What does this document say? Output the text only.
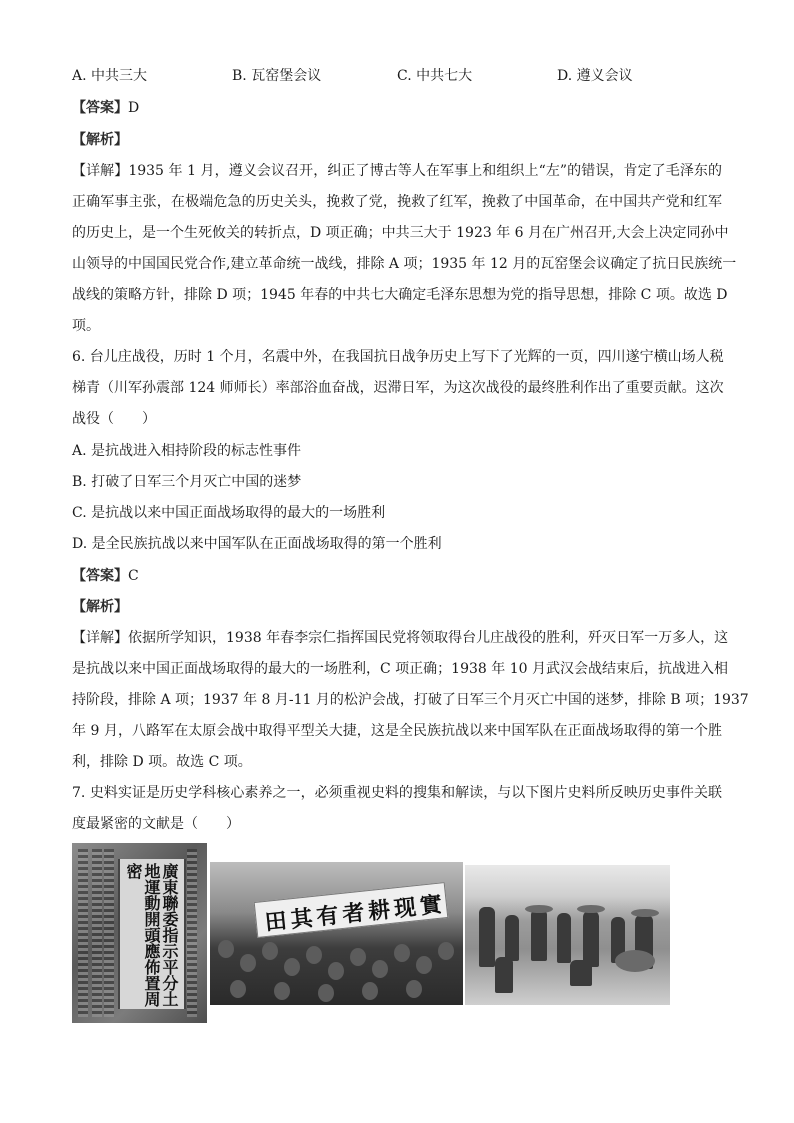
A. 中共三大	B. 瓦窑堡会议	C. 中共七大	D. 遵义会议
【答案】D
【解析】
【详解】1935 年 1 月，遵义会议召开，纠正了博古等人在军事上和组织上“左”的错误，肯定了毛泽东的
正确军事主张，在极端危急的历史关头，挽救了党，挽救了红军，挽救了中国革命，在中国共产党和红军
的历史上，是一个生死攸关的转折点，D 项正确；中共三大于 1923 年 6 月在广州召开,大会上决定同孙中
山领导的中国国民党合作,建立革命统一战线，排除 A 项；1935 年 12 月的瓦窑堡会议确定了抗日民族统一
战线的策略方针，排除 D 项；1945 年春的中共七大确定毛泽东思想为党的指导思想，排除 C 项。故选 D
项。
6. 台儿庄战役，历时 1 个月，名震中外，在我国抗日战争历史上写下了光辉的一页，四川遂宁横山场人税
梯青（川军孙震部 124 师师长）率部浴血奋战，迟滞日军，为这次战役的最终胜利作出了重要贡献。这次
战役（　　）
A. 是抗战进入相持阶段的标志性事件
B. 打破了日军三个月灭亡中国的迷梦
C. 是抗战以来中国正面战场取得的最大的一场胜利
D. 是全民族抗战以来中国军队在正面战场取得的第一个胜利
【答案】C
【解析】
【详解】依据所学知识，1938 年春李宗仁指挥国民党将领取得台儿庄战役的胜利，歼灭日军一万多人，这
是抗战以来中国正面战场取得的最大的一场胜利，C 项正确；1938 年 10 月武汉会战结束后，抗战进入相
持阶段，排除 A 项；1937 年 8 月-11 月的松沪会战，打破了日军三个月灭亡中国的迷梦，排除 B 项；1937
年 9 月，八路军在太原会战中取得平型关大捷，这是全民族抗战以来中国军队在正面战场取得的第一个胜
利，排除 D 项。故选 C 项。
7. 史料实证是历史学科核心素养之一，必须重视史料的搜集和解读，与以下图片史料所反映历史事件关联
度最紧密的文献是（　　）
廣東聯委指示平分土地運動開頭應佈置周密
田其有者耕现實
